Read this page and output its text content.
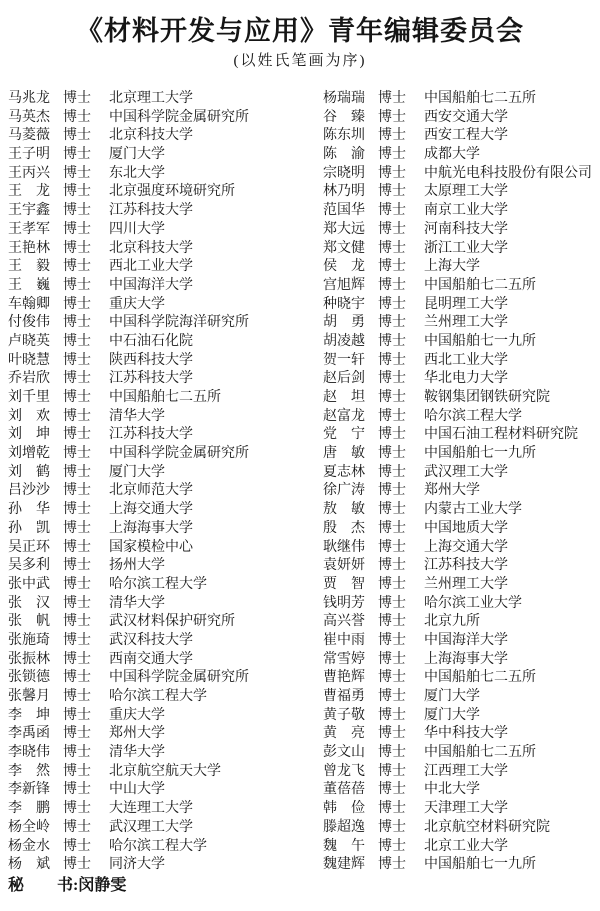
《材料开发与应用》青年编辑委员会
(以姓氏笔画为序)
马兆龙 博士	北京理工大学
马英杰 博士	中国科学院金属研究所
马菱薇 博士	北京科技大学
王子明 博士	厦门大学
王丙兴 博士	东北大学
王　龙 博士	北京强度环境研究所
王宇鑫 博士	江苏科技大学
王孝军 博士	四川大学
王艳林 博士	北京科技大学
王　毅 博士	西北工业大学
王　巍 博士	中国海洋大学
车翰卿 博士	重庆大学
付俊伟 博士	中国科学院海洋研究所
卢晓英 博士	中石油石化院
叶晓慧 博士	陕西科技大学
乔岩欣 博士	江苏科技大学
刘千里 博士	中国船舶七二五所
刘　欢 博士	清华大学
刘　坤 博士	江苏科技大学
刘增乾 博士	中国科学院金属研究所
刘　鹤 博士	厦门大学
吕沙沙 博士	北京师范大学
孙　华 博士	上海交通大学
孙　凯 博士	上海海事大学
吴正环 博士	国家模检中心
吴多利 博士	扬州大学
张中武 博士	哈尔滨工程大学
张　汉 博士	清华大学
张　帆 博士	武汉材料保护研究所
张施琦 博士	武汉科技大学
张振林 博士	西南交通大学
张锁德 博士	中国科学院金属研究所
张馨月 博士	哈尔滨工程大学
李　坤 博士	重庆大学
李禹函 博士	郑州大学
李晓伟 博士	清华大学
李　然 博士	北京航空航天大学
李新锋 博士	中山大学
李　鹏 博士	大连理工大学
杨全岭 博士	武汉理工大学
杨金水 博士	哈尔滨工程大学
杨　斌 博士	同济大学
杨瑞瑞 博士	中国船舶七二五所
谷　臻 博士	西安交通大学
陈东圳 博士	西安工程大学
陈　渝 博士	成都大学
宗晓明 博士	中航光电科技股份有限公司
林乃明 博士	太原理工大学
范国华 博士	南京工业大学
郑大远 博士	河南科技大学
郑文健 博士	浙江工业大学
侯　龙 博士	上海大学
宫旭辉 博士	中国船舶七二五所
种晓宇 博士	昆明理工大学
胡　勇 博士	兰州理工大学
胡凌越 博士	中国船舶七一九所
贺一轩 博士	西北工业大学
赵后剑 博士	华北电力大学
赵　坦 博士	鞍钢集团钢铁研究院
赵富龙 博士	哈尔滨工程大学
党　宁 博士	中国石油工程材料研究院
唐　敏 博士	中国船舶七一九所
夏志林 博士	武汉理工大学
徐广涛 博士	郑州大学
敖　敏 博士	内蒙古工业大学
殷　杰 博士	中国地质大学
耿继伟 博士	上海交通大学
袁妍妍 博士	江苏科技大学
贾　智 博士	兰州理工大学
钱明芳 博士	哈尔滨工业大学
高兴誉 博士	北京九所
崔中雨 博士	中国海洋大学
常雪婷 博士	上海海事大学
曹艳辉 博士	中国船舶七二五所
曹福勇 博士	厦门大学
黄子敬 博士	厦门大学
黄　亮 博士	华中科技大学
彭文山 博士	中国船舶七二五所
曾龙飞 博士	江西理工大学
董蓓蓓 博士	中北大学
韩　俭 博士	天津理工大学
滕超逸 博士	北京航空材料研究院
魏　午 博士	北京工业大学
魏建辉 博士	中国船舶七一九所
秘 书:闵静雯
